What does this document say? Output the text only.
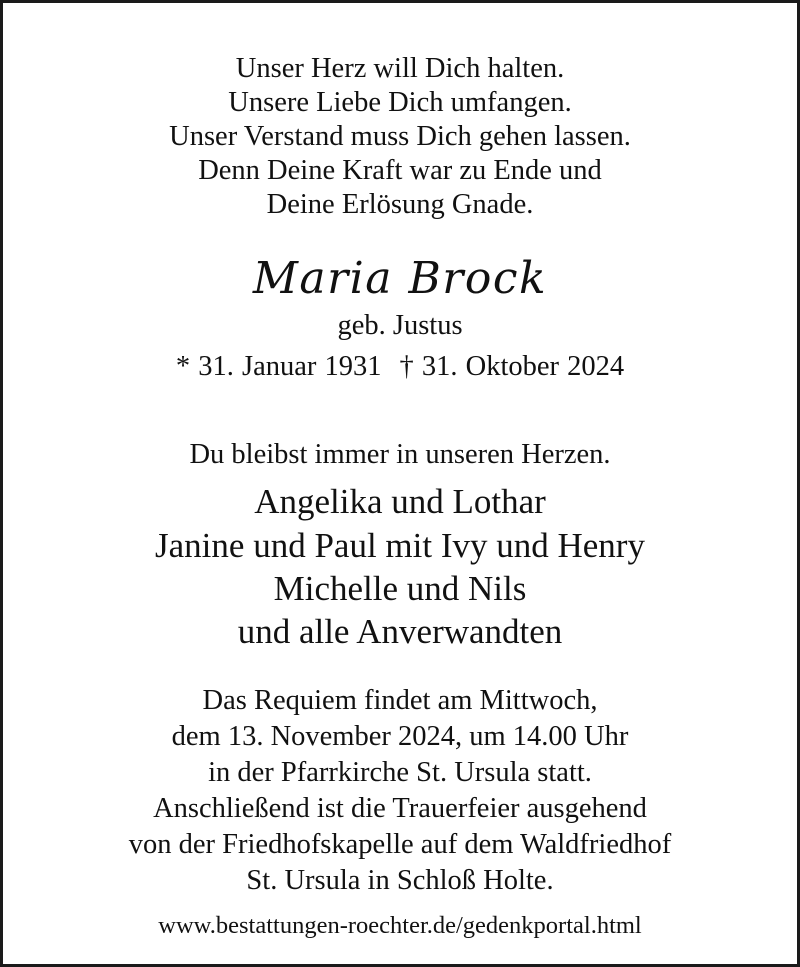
Unser Herz will Dich halten.
Unsere Liebe Dich umfangen.
Unser Verstand muss Dich gehen lassen.
Denn Deine Kraft war zu Ende und
Deine Erlösung Gnade.
Maria Brock
geb. Justus
* 31. Januar 1931 † 31. Oktober 2024
Du bleibst immer in unseren Herzen.
Angelika und Lothar
Janine und Paul mit Ivy und Henry
Michelle und Nils
und alle Anverwandten
Das Requiem findet am Mittwoch,
dem 13. November 2024, um 14.00 Uhr
in der Pfarrkirche St. Ursula statt.
Anschließend ist die Trauerfeier ausgehend
von der Friedhofskapelle auf dem Waldfriedhof
St. Ursula in Schloß Holte.
www.bestattungen-roechter.de/gedenkportal.html
